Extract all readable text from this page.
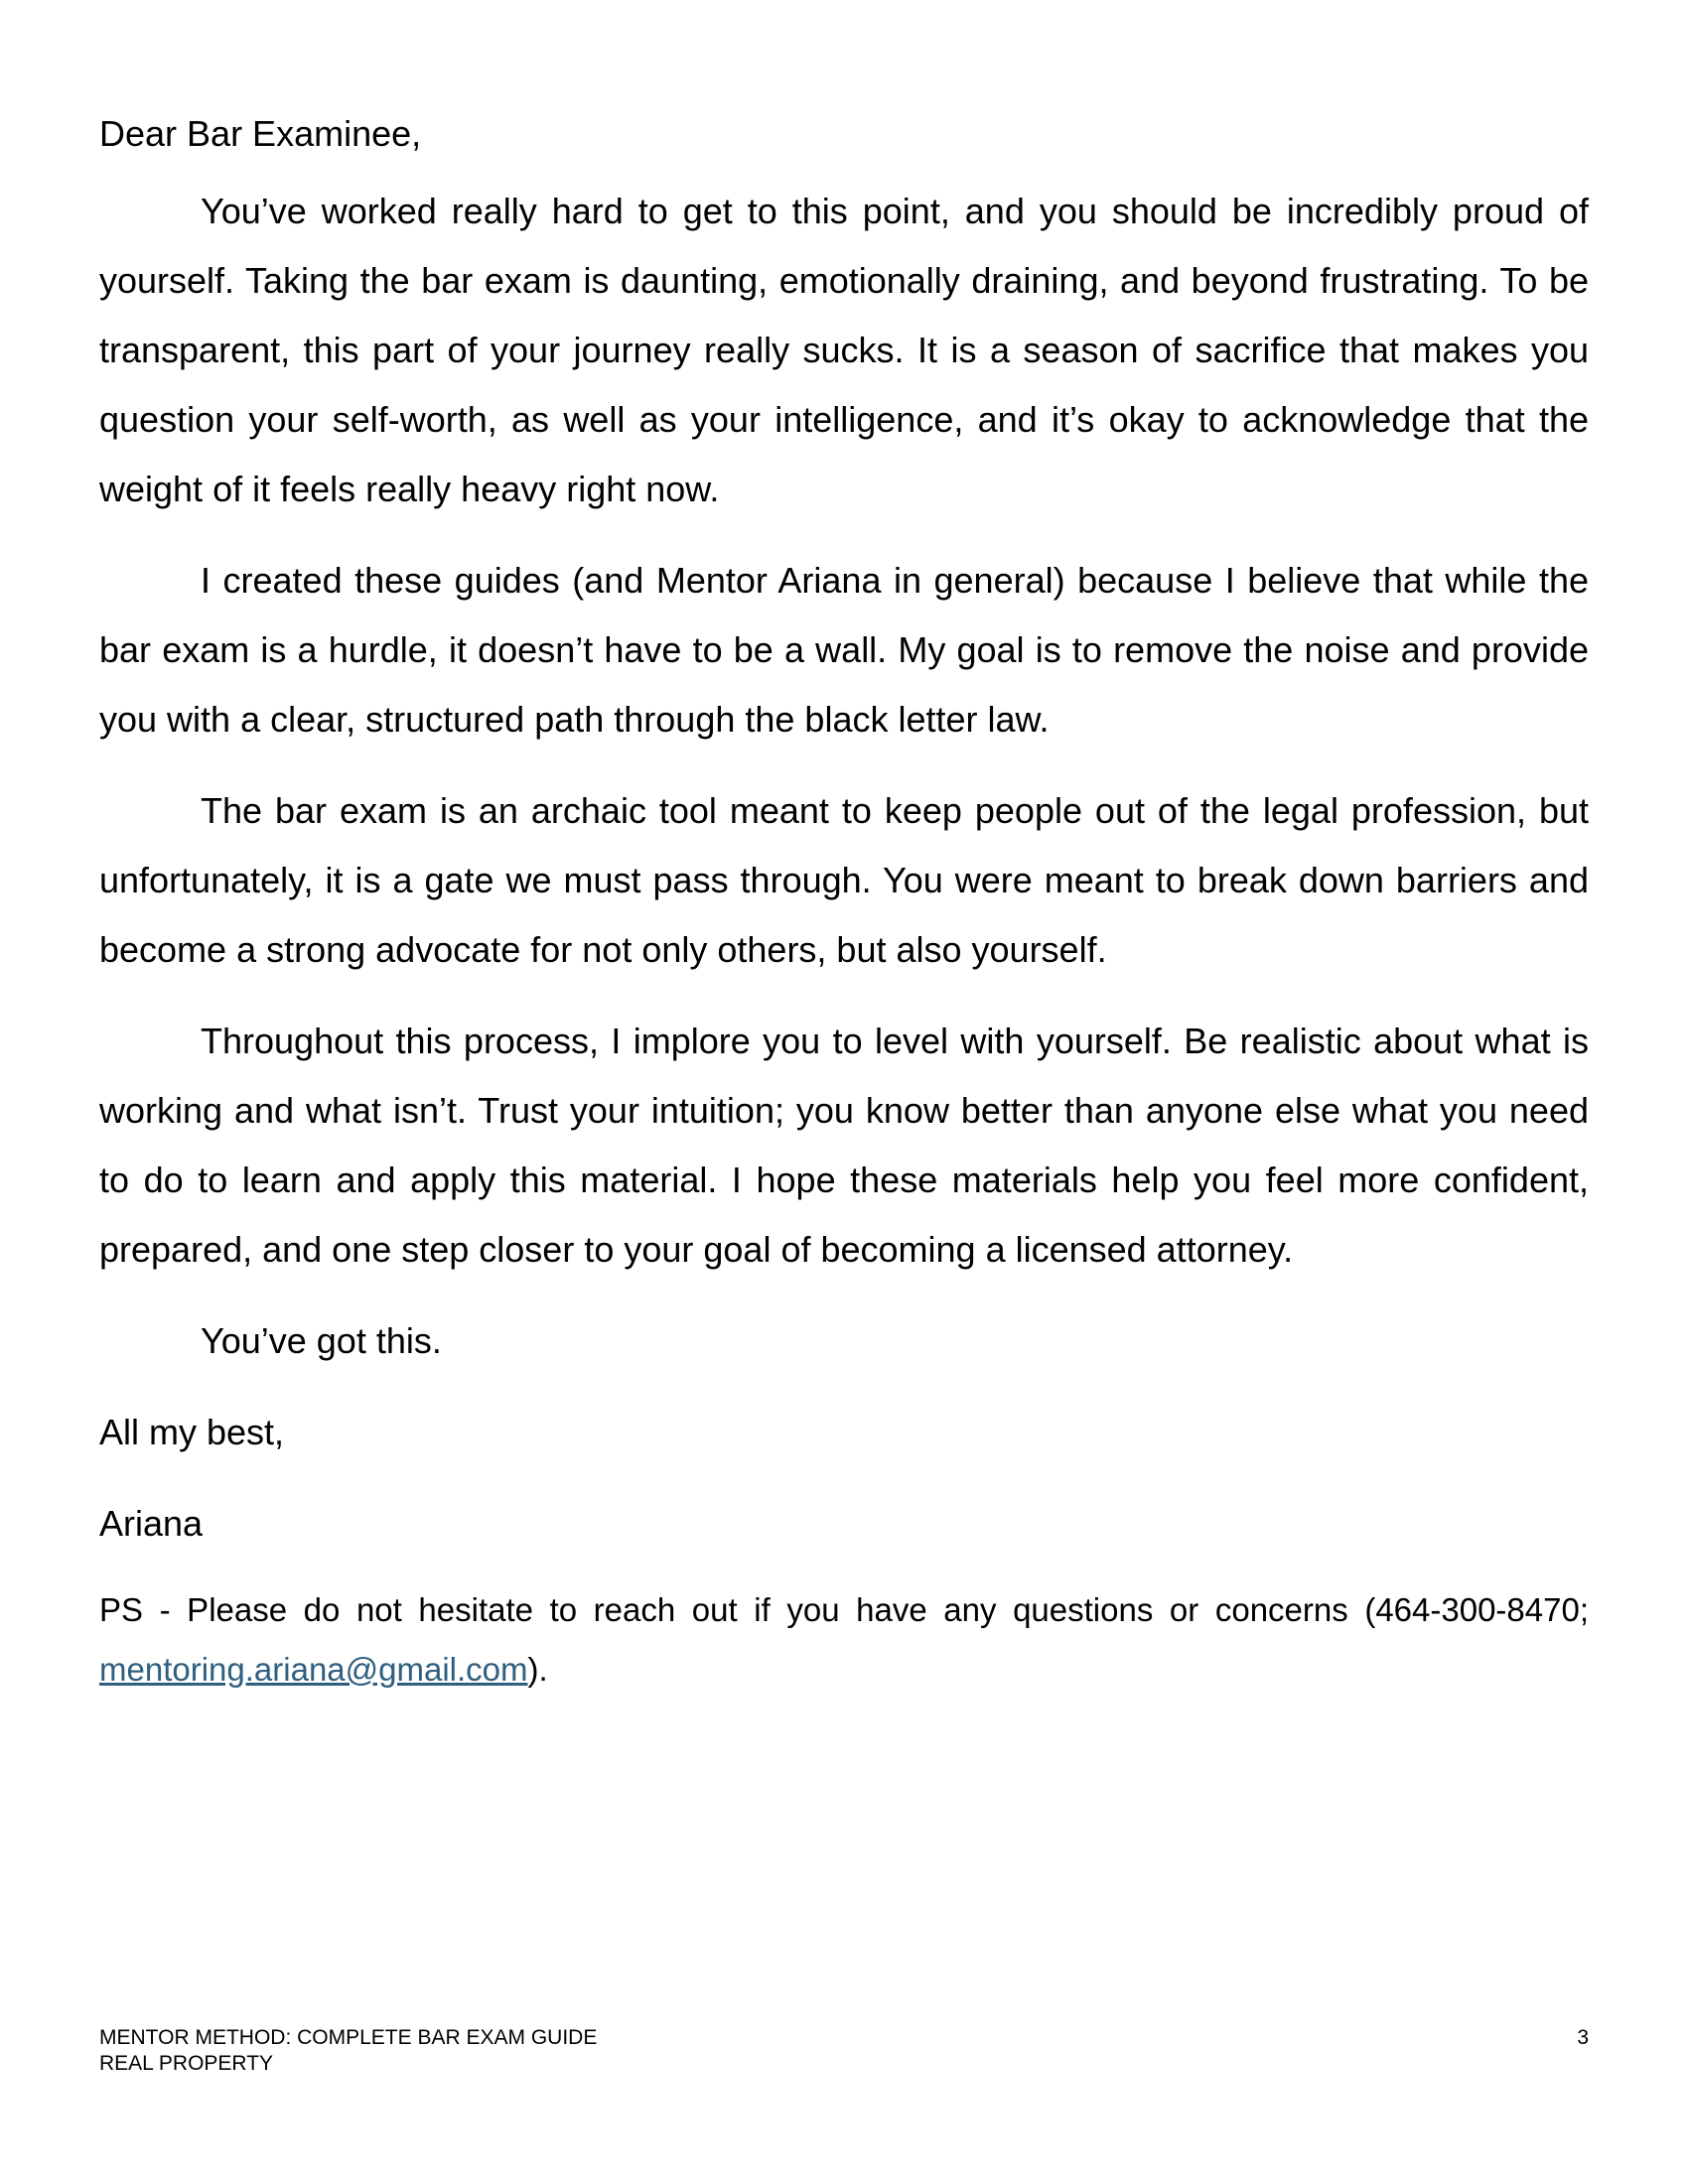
Dear Bar Examinee,

You’ve worked really hard to get to this point, and you should be incredibly proud of yourself. Taking the bar exam is daunting, emotionally draining, and beyond frustrating. To be transparent, this part of your journey really sucks. It is a season of sacrifice that makes you question your self-worth, as well as your intelligence, and it’s okay to acknowledge that the weight of it feels really heavy right now.

I created these guides (and Mentor Ariana in general) because I believe that while the bar exam is a hurdle, it doesn’t have to be a wall. My goal is to remove the noise and provide you with a clear, structured path through the black letter law.

The bar exam is an archaic tool meant to keep people out of the legal profession, but unfortunately, it is a gate we must pass through. You were meant to break down barriers and become a strong advocate for not only others, but also yourself.

Throughout this process, I implore you to level with yourself. Be realistic about what is working and what isn’t. Trust your intuition; you know better than anyone else what you need to do to learn and apply this material. I hope these materials help you feel more confident, prepared, and one step closer to your goal of becoming a licensed attorney.

You’ve got this.

All my best,

Ariana

PS - Please do not hesitate to reach out if you have any questions or concerns (464-300-8470; mentoring.ariana@gmail.com).

MENTOR METHOD: COMPLETE BAR EXAM GUIDE
REAL PROPERTY
3
